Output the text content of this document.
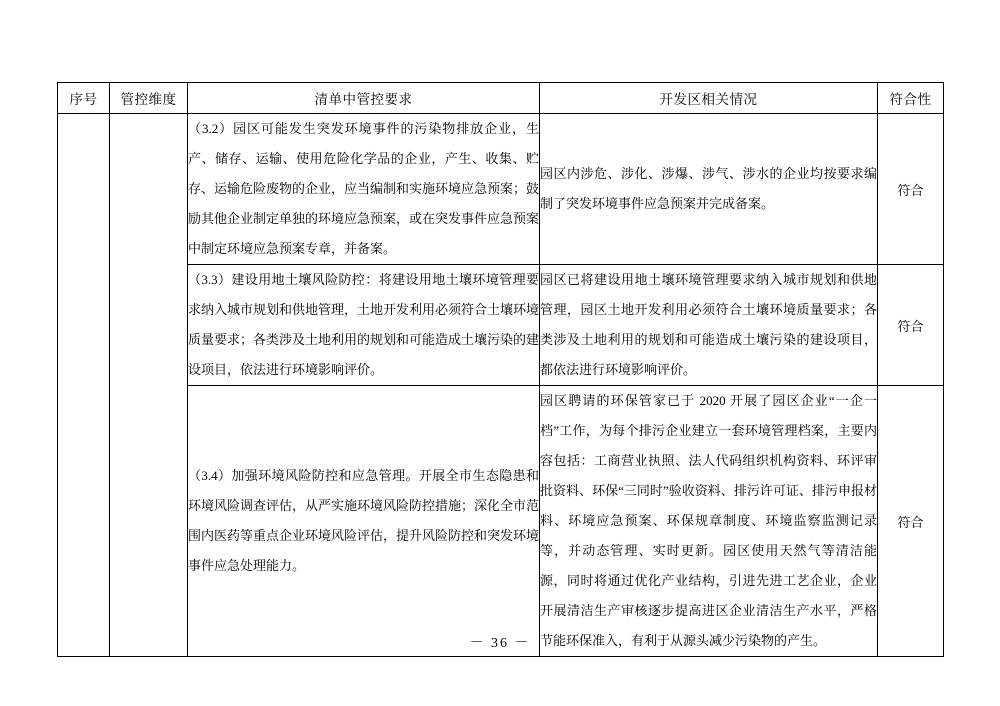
序号	管控维度	清单中管控要求	开发区相关情况	符合性
		（3.2）园区可能发生突发环境事件的污染物排放企业，生产、储存、运输、使用危险化学品的企业，产生、收集、贮存、运输危险废物的企业，应当编制和实施环境应急预案；鼓励其他企业制定单独的环境应急预案，或在突发事件应急预案中制定环境应急预案专章，并备案。	园区内涉危、涉化、涉爆、涉气、涉水的企业均按要求编制了突发环境事件应急预案并完成备案。	符合
		（3.3）建设用地土壤风险防控：将建设用地土壤环境管理要求纳入城市规划和供地管理，土地开发利用必须符合土壤环境质量要求；各类涉及土地利用的规划和可能造成土壤污染的建设项目，依法进行环境影响评价。	园区已将建设用地土壤环境管理要求纳入城市规划和供地管理，园区土地开发利用必须符合土壤环境质量要求；各类涉及土地利用的规划和可能造成土壤污染的建设项目，都依法进行环境影响评价。	符合
		（3.4）加强环境风险防控和应急管理。开展全市生态隐患和环境风险调查评估，从严实施环境风险防控措施；深化全市范围内医药等重点企业环境风险评估，提升风险防控和突发环境事件应急处理能力。	园区聘请的环保管家已于 2020 开展了园区企业“一企一档”工作，为每个排污企业建立一套环境管理档案，主要内容包括：工商营业执照、法人代码组织机构资料、环评审批资料、环保“三同时”验收资料、排污许可证、排污申报材料、环境应急预案、环保规章制度、环境监察监测记录等，并动态管理、实时更新。园区使用天然气等清洁能源，同时将通过优化产业结构，引进先进工艺企业，企业开展清洁生产审核逐步提高进区企业清洁生产水平，严格节能环保准入，有利于从源头减少污染物的产生。	符合
－ 36 －
